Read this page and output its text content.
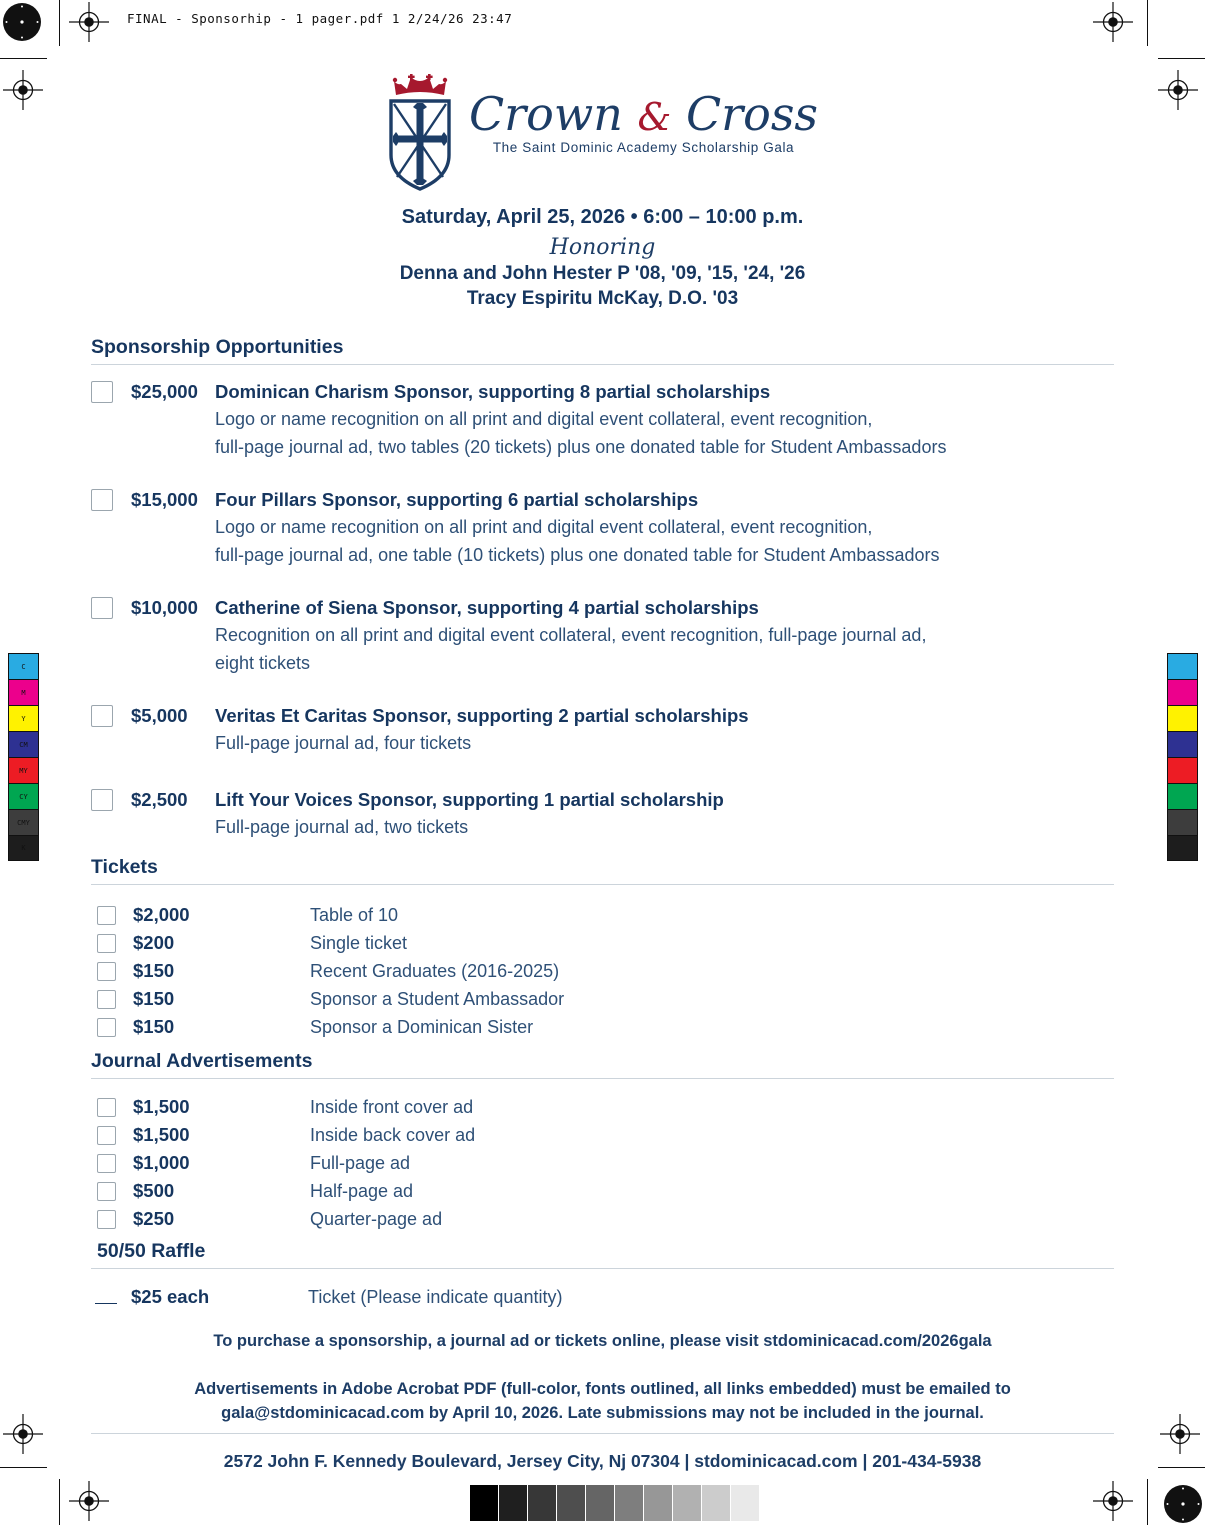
FINAL - Sponsorhip - 1 pager.pdf 1 2/24/26 23:47
C
M
Y
CM
MY
CY
CMY
K
Crown & Cross
The Saint Dominic Academy Scholarship Gala
Saturday, April 25, 2026 • 6:00 – 10:00 p.m.
Honoring
Denna and John Hester P '08, '09, '15, '24, '26
Tracy Espiritu McKay, D.O. '03
Sponsorship Opportunities
$25,000 Dominican Charism Sponsor, supporting 8 partial scholarships
Logo or name recognition on all print and digital event collateral, event recognition,
full-page journal ad, two tables (20 tickets) plus one donated table for Student Ambassadors
$15,000 Four Pillars Sponsor, supporting 6 partial scholarships
Logo or name recognition on all print and digital event collateral, event recognition,
full-page journal ad, one table (10 tickets) plus one donated table for Student Ambassadors
$10,000 Catherine of Siena Sponsor, supporting 4 partial scholarships
Recognition on all print and digital event collateral, event recognition, full-page journal ad,
eight tickets
$5,000	Veritas Et Caritas Sponsor, supporting 2 partial scholarships
Full-page journal ad, four tickets
$2,500	Lift Your Voices Sponsor, supporting 1 partial scholarship
Full-page journal ad, two tickets
Tickets
$2,000	Table of 10
$200	Single ticket
$150	Recent Graduates (2016-2025)
$150	Sponsor a Student Ambassador
$150	Sponsor a Dominican Sister
Journal Advertisements
$1,500	Inside front cover ad
$1,500	Inside back cover ad
$1,000	Full-page ad
$500	Half-page ad
$250	Quarter-page ad
50/50 Raffle
$25 each	Ticket (Please indicate quantity)
To purchase a sponsorship, a journal ad or tickets online, please visit stdominicacad.com/2026gala
Advertisements in Adobe Acrobat PDF (full-color, fonts outlined, all links embedded) must be emailed to
gala@stdominicacad.com by April 10, 2026. Late submissions may not be included in the journal.
2572 John F. Kennedy Boulevard, Jersey City, Nj 07304 | stdominicacad.com | 201-434-5938
